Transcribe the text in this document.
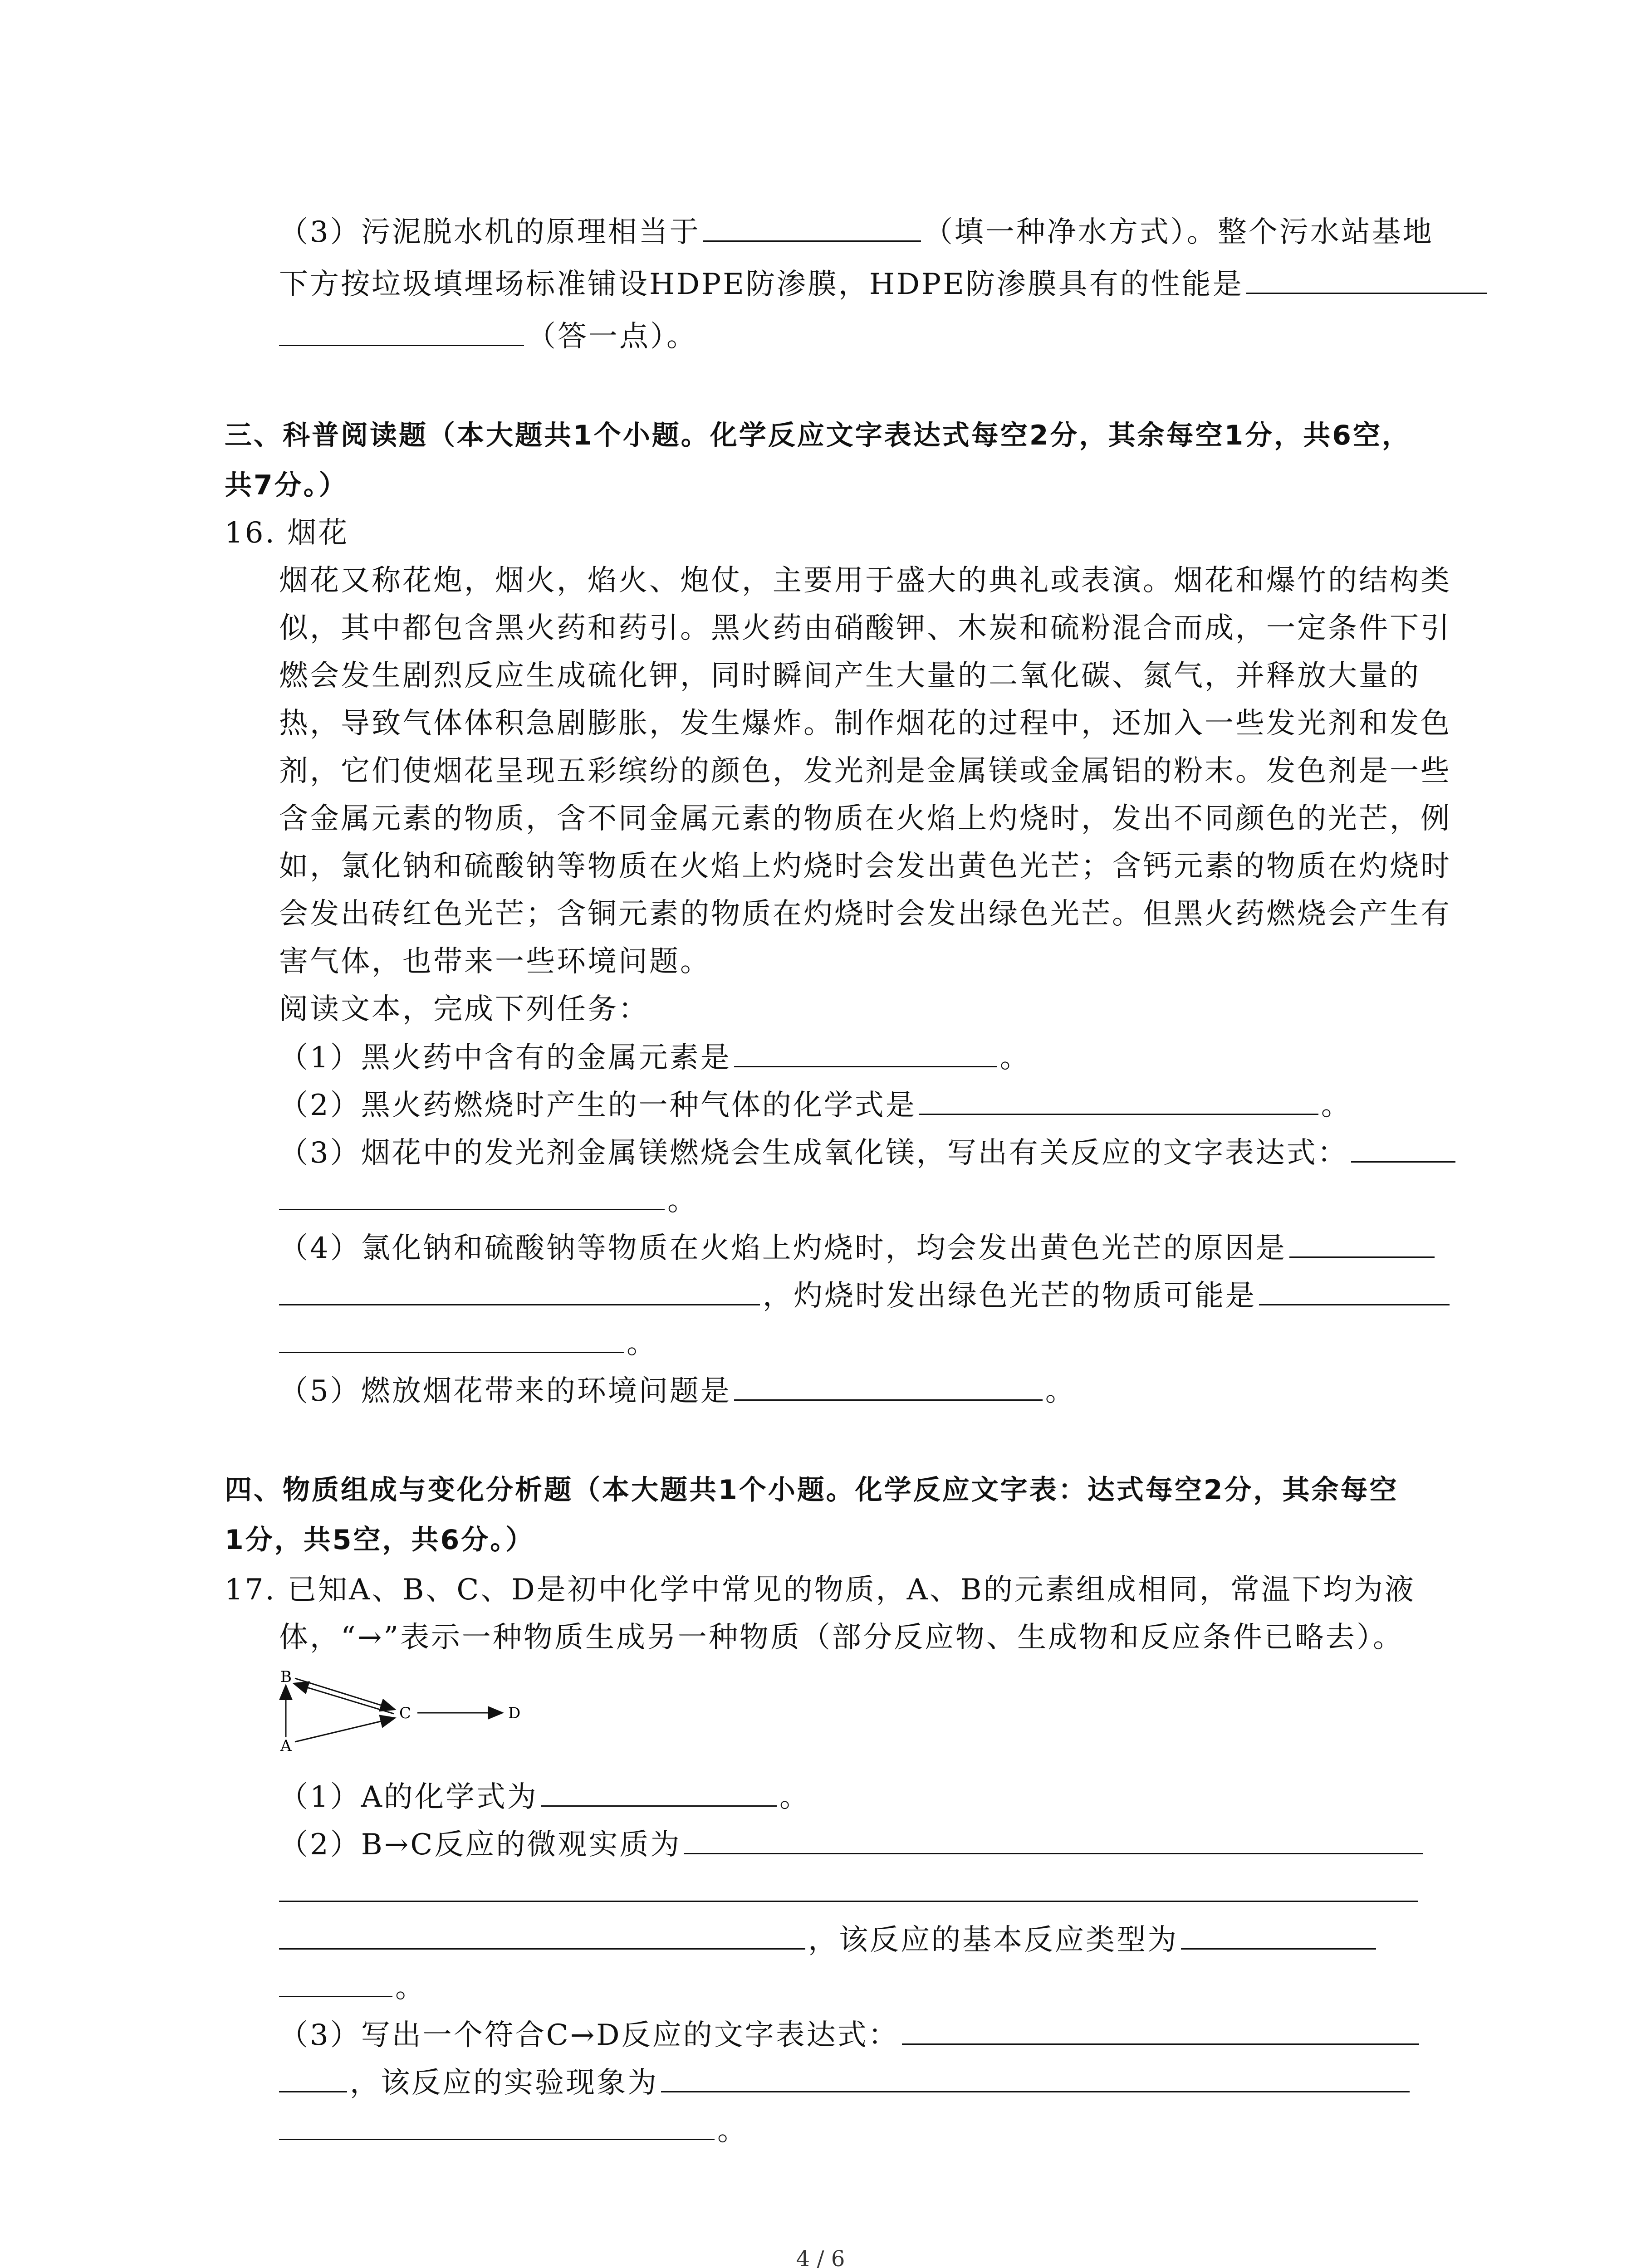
（3）污泥脱水机的原理相当于	（填一种净水方式）。整个污水站基地
下方按垃圾填埋场标准铺设HDPE防渗膜，HDPE防渗膜具有的性能是
（答一点）。
三、科普阅读题（本大题共1个小题。化学反应文字表达式每空2分，其余每空1分，共6空，
共7分。）
16. 烟花
烟花又称花炮，烟火，焰火、炮仗，主要用于盛大的典礼或表演。烟花和爆竹的结构类
似，其中都包含黑火药和药引。黑火药由硝酸钾、木炭和硫粉混合而成，一定条件下引
燃会发生剧烈反应生成硫化钾，同时瞬间产生大量的二氧化碳、氮气，并释放大量的
热，导致气体体积急剧膨胀，发生爆炸。制作烟花的过程中，还加入一些发光剂和发色
剂，它们使烟花呈现五彩缤纷的颜色，发光剂是金属镁或金属铝的粉末。发色剂是一些
含金属元素的物质，含不同金属元素的物质在火焰上灼烧时，发出不同颜色的光芒，例
如，氯化钠和硫酸钠等物质在火焰上灼烧时会发出黄色光芒；含钙元素的物质在灼烧时
会发出砖红色光芒；含铜元素的物质在灼烧时会发出绿色光芒。但黑火药燃烧会产生有
害气体，也带来一些环境问题。
阅读文本，完成下列任务：
（1）黑火药中含有的金属元素是	。
（2）黑火药燃烧时产生的一种气体的化学式是	。
（3）烟花中的发光剂金属镁燃烧会生成氧化镁，写出有关反应的文字表达式：
。
（4）氯化钠和硫酸钠等物质在火焰上灼烧时，均会发出黄色光芒的原因是
，灼烧时发出绿色光芒的物质可能是
。
（5）燃放烟花带来的环境问题是	。
四、物质组成与变化分析题（本大题共1个小题。化学反应文字表：达式每空2分，其余每空
1分，共5空，共6分。）
17. 已知A、B、C、D是初中化学中常见的物质，A、B的元素组成相同，常温下均为液
体，“→”表示一种物质生成另一种物质（部分反应物、生成物和反应条件已略去）。
B
C	D
A
（1）A的化学式为	。
（2）B→C反应的微观实质为
，该反应的基本反应类型为
。
（3）写出一个符合C→D反应的文字表达式：
，该反应的实验现象为
。
4 / 6
